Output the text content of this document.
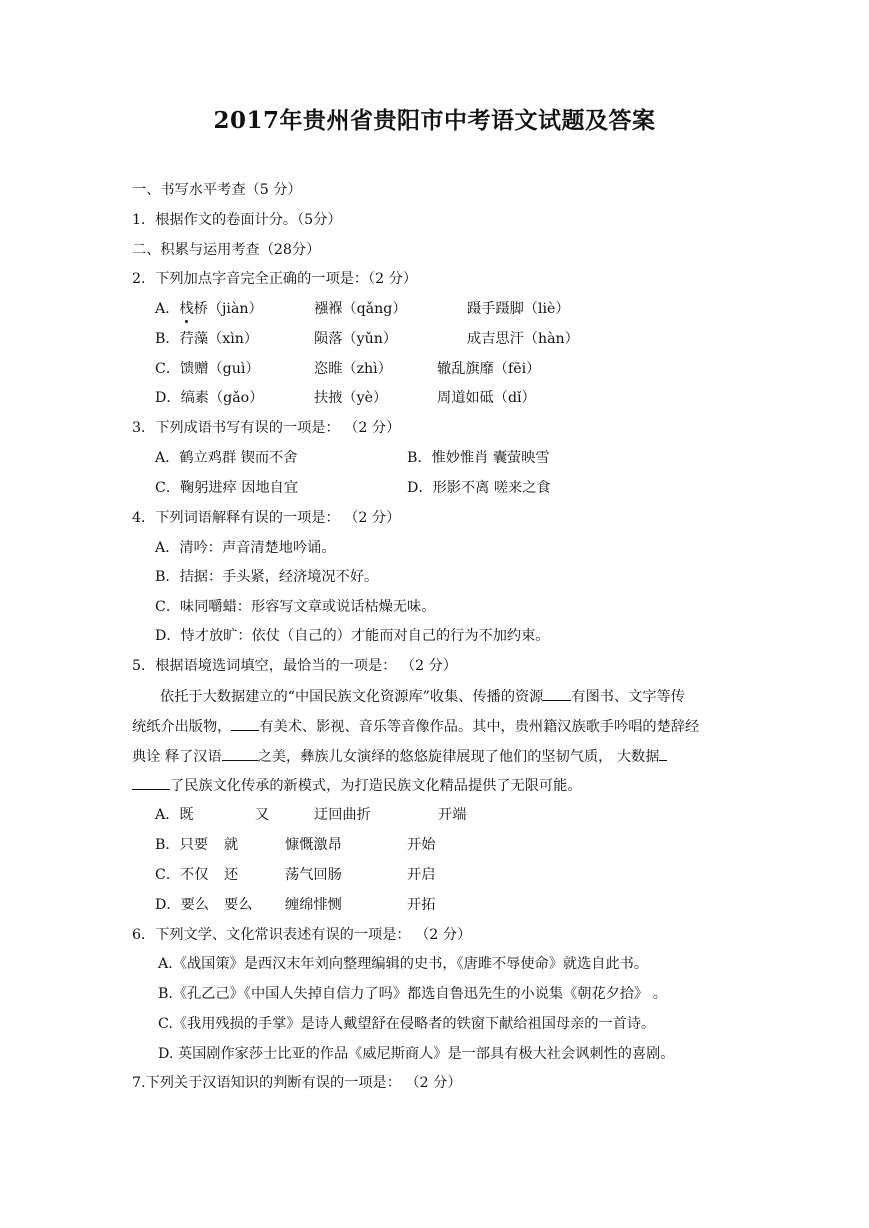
2017年贵州省贵阳市中考语文试题及答案
一、书写水平考查（5 分）
1．根据作文的卷面计分。（5分）
二、积累与运用考查（28分）
2．下列加点字音完全正确的一项是：（2 分）
A．栈桥（jiàn）	襁褓（qǎng）	蹑手蹑脚（liè）
B．荇藻（xìn）	陨落（yǔn）	成吉思汗（hàn）
C．馈赠（guì）	恣睢（zhì）	辙乱旗靡（fēi）
D．缟素（gǎo）	扶掖（yè）	周道如砥（dǐ）
3．下列成语书写有误的一项是： （2 分）
A．鹤立鸡群 锲而不舍	B．惟妙惟肖 囊萤映雪
C．鞠躬进瘁 因地自宜	D．形影不离 嗟来之食
4．下列词语解释有误的一项是： （2 分）
A．清吟：声音清楚地吟诵。
B．拮据：手头紧，经济境况不好。
C．味同嚼蜡：形容写文章或说话枯燥无味。
D．恃才放旷：依仗（自己的）才能而对自己的行为不加约束。
5．根据语境选词填空，最恰当的一项是： （2 分）
依托于大数据建立的“中国民族文化资源库”收集、传播的资源 有图书、文字等传
统纸介出版物， 有美术、影视、音乐等音像作品。其中，贵州籍汉族歌手吟唱的楚辞经
典诠 释了汉语	之美，彝族儿女演绎的悠悠旋律展现了他们的坚韧气质， 大数据
了民族文化传承的新模式，为打造民族文化精品提供了无限可能。
A．既	又	迂回曲折	开端
B．只要 就	慷慨激昂	开始
C．不仅 还	荡气回肠	开启
D．要么 要么 缠绵悱恻	开拓
6．下列文学、文化常识表述有误的一项是： （2 分）
A.《战国策》是西汉末年刘向整理编辑的史书，《唐雎不辱使命》就选自此书。
B.《孔乙己》《中国人失掉自信力了吗》都选自鲁迅先生的小说集《朝花夕拾》 。
C.《我用残损的手掌》是诗人戴望舒在侵略者的铁窗下献给祖国母亲的一首诗。
D. 英国剧作家莎士比亚的作品《威尼斯商人》是一部具有极大社会讽刺性的喜剧。
7.下列关于汉语知识的判断有误的一项是： （2 分）
